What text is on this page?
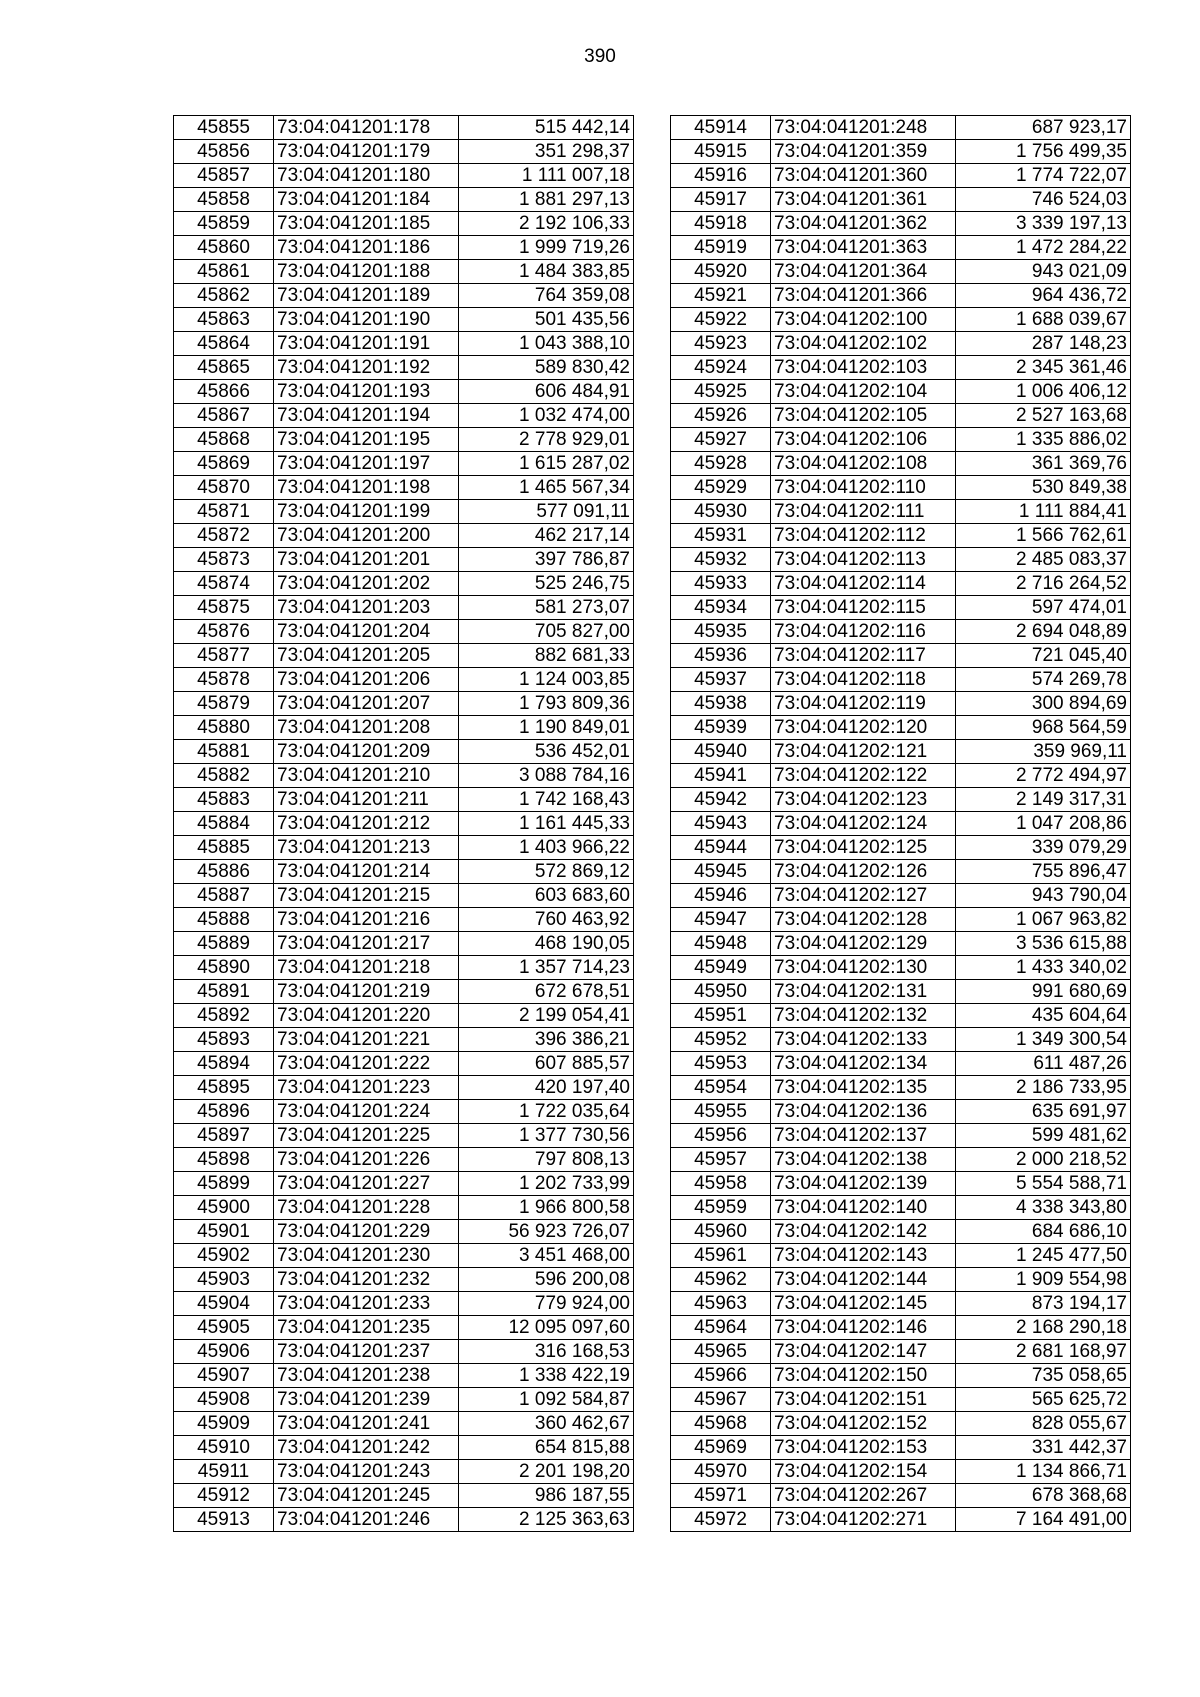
390
45855	73:04:041201:178	515 442,14
45856	73:04:041201:179	351 298,37
45857	73:04:041201:180	1 111 007,18
45858	73:04:041201:184	1 881 297,13
45859	73:04:041201:185	2 192 106,33
45860	73:04:041201:186	1 999 719,26
45861	73:04:041201:188	1 484 383,85
45862	73:04:041201:189	764 359,08
45863	73:04:041201:190	501 435,56
45864	73:04:041201:191	1 043 388,10
45865	73:04:041201:192	589 830,42
45866	73:04:041201:193	606 484,91
45867	73:04:041201:194	1 032 474,00
45868	73:04:041201:195	2 778 929,01
45869	73:04:041201:197	1 615 287,02
45870	73:04:041201:198	1 465 567,34
45871	73:04:041201:199	577 091,11
45872	73:04:041201:200	462 217,14
45873	73:04:041201:201	397 786,87
45874	73:04:041201:202	525 246,75
45875	73:04:041201:203	581 273,07
45876	73:04:041201:204	705 827,00
45877	73:04:041201:205	882 681,33
45878	73:04:041201:206	1 124 003,85
45879	73:04:041201:207	1 793 809,36
45880	73:04:041201:208	1 190 849,01
45881	73:04:041201:209	536 452,01
45882	73:04:041201:210	3 088 784,16
45883	73:04:041201:211	1 742 168,43
45884	73:04:041201:212	1 161 445,33
45885	73:04:041201:213	1 403 966,22
45886	73:04:041201:214	572 869,12
45887	73:04:041201:215	603 683,60
45888	73:04:041201:216	760 463,92
45889	73:04:041201:217	468 190,05
45890	73:04:041201:218	1 357 714,23
45891	73:04:041201:219	672 678,51
45892	73:04:041201:220	2 199 054,41
45893	73:04:041201:221	396 386,21
45894	73:04:041201:222	607 885,57
45895	73:04:041201:223	420 197,40
45896	73:04:041201:224	1 722 035,64
45897	73:04:041201:225	1 377 730,56
45898	73:04:041201:226	797 808,13
45899	73:04:041201:227	1 202 733,99
45900	73:04:041201:228	1 966 800,58
45901	73:04:041201:229	56 923 726,07
45902	73:04:041201:230	3 451 468,00
45903	73:04:041201:232	596 200,08
45904	73:04:041201:233	779 924,00
45905	73:04:041201:235	12 095 097,60
45906	73:04:041201:237	316 168,53
45907	73:04:041201:238	1 338 422,19
45908	73:04:041201:239	1 092 584,87
45909	73:04:041201:241	360 462,67
45910	73:04:041201:242	654 815,88
45911	73:04:041201:243	2 201 198,20
45912	73:04:041201:245	986 187,55
45913	73:04:041201:246	2 125 363,63
45914	73:04:041201:248	687 923,17
45915	73:04:041201:359	1 756 499,35
45916	73:04:041201:360	1 774 722,07
45917	73:04:041201:361	746 524,03
45918	73:04:041201:362	3 339 197,13
45919	73:04:041201:363	1 472 284,22
45920	73:04:041201:364	943 021,09
45921	73:04:041201:366	964 436,72
45922	73:04:041202:100	1 688 039,67
45923	73:04:041202:102	287 148,23
45924	73:04:041202:103	2 345 361,46
45925	73:04:041202:104	1 006 406,12
45926	73:04:041202:105	2 527 163,68
45927	73:04:041202:106	1 335 886,02
45928	73:04:041202:108	361 369,76
45929	73:04:041202:110	530 849,38
45930	73:04:041202:111	1 111 884,41
45931	73:04:041202:112	1 566 762,61
45932	73:04:041202:113	2 485 083,37
45933	73:04:041202:114	2 716 264,52
45934	73:04:041202:115	597 474,01
45935	73:04:041202:116	2 694 048,89
45936	73:04:041202:117	721 045,40
45937	73:04:041202:118	574 269,78
45938	73:04:041202:119	300 894,69
45939	73:04:041202:120	968 564,59
45940	73:04:041202:121	359 969,11
45941	73:04:041202:122	2 772 494,97
45942	73:04:041202:123	2 149 317,31
45943	73:04:041202:124	1 047 208,86
45944	73:04:041202:125	339 079,29
45945	73:04:041202:126	755 896,47
45946	73:04:041202:127	943 790,04
45947	73:04:041202:128	1 067 963,82
45948	73:04:041202:129	3 536 615,88
45949	73:04:041202:130	1 433 340,02
45950	73:04:041202:131	991 680,69
45951	73:04:041202:132	435 604,64
45952	73:04:041202:133	1 349 300,54
45953	73:04:041202:134	611 487,26
45954	73:04:041202:135	2 186 733,95
45955	73:04:041202:136	635 691,97
45956	73:04:041202:137	599 481,62
45957	73:04:041202:138	2 000 218,52
45958	73:04:041202:139	5 554 588,71
45959	73:04:041202:140	4 338 343,80
45960	73:04:041202:142	684 686,10
45961	73:04:041202:143	1 245 477,50
45962	73:04:041202:144	1 909 554,98
45963	73:04:041202:145	873 194,17
45964	73:04:041202:146	2 168 290,18
45965	73:04:041202:147	2 681 168,97
45966	73:04:041202:150	735 058,65
45967	73:04:041202:151	565 625,72
45968	73:04:041202:152	828 055,67
45969	73:04:041202:153	331 442,37
45970	73:04:041202:154	1 134 866,71
45971	73:04:041202:267	678 368,68
45972	73:04:041202:271	7 164 491,00
